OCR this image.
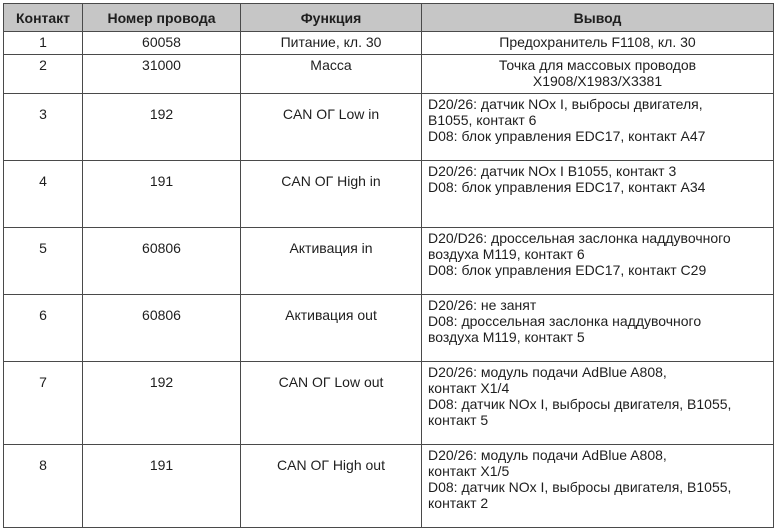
Контакт	Номер провода	Функция	Вывод
1	60058	Питание, кл. 30	Предохранитель F1108, кл. 30

2	31000	Масса	Точка для массовых проводов
X1908/X1983/X3381

3	192	CAN ОГ Low in	D20/26: датчик NOx I, выбросы двигателя,
B1055, контакт 6
D08: блок управления EDC17, контакт A47

4	191	CAN ОГ High in	D20/26: датчик NOx I B1055, контакт 3
D08: блок управления EDC17, контакт A34

5	60806	Активация in	D20/D26: дроссельная заслонка наддувочного
воздуха M119, контакт 6
D08: блок управления EDC17, контакт C29

6	60806	Активация out	D20/26: не занят
D08: дроссельная заслонка наддувочного
воздуха M119, контакт 5

7	192	CAN ОГ Low out	D20/26: модуль подачи AdBlue A808,
контакт X1/4
D08: датчик NOx I, выбросы двигателя, B1055,
контакт 5

8	191	CAN ОГ High out	D20/26: модуль подачи AdBlue A808,
контакт X1/5
D08: датчик NOx I, выбросы двигателя, B1055,
контакт 2
